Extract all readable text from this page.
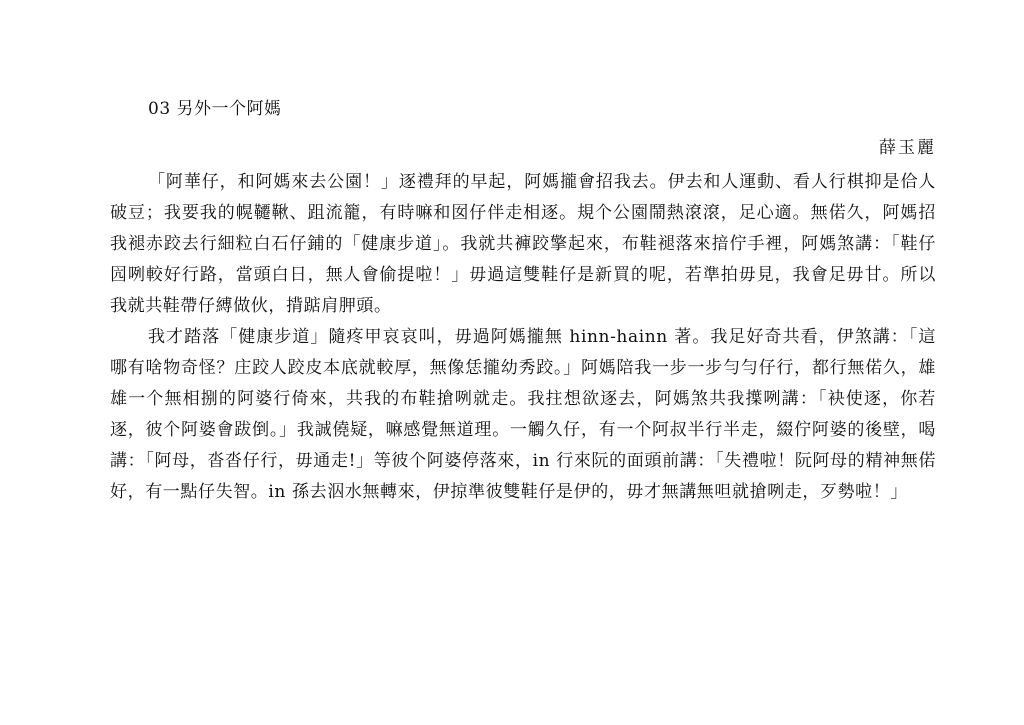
03 另外一个阿媽
薛玉麗

「阿華仔，和阿媽來去公園！」逐禮拜的早起，阿媽攏會招我去。伊去和人運動、看人行棋抑是佮人破豆；我要我的幌韆鞦、跙流籠，有時嘛和囡仔伴走相逐。規个公園鬧熱滾滾，足心適。無偌久，阿媽招我褪赤跤去行細粒白石仔鋪的「健康步道」。我就共褲跤擎起來，布鞋褪落來揞佇手裡，阿媽煞講：「鞋仔囥咧較好行路，當頭白日，無人會偷提啦！」毋過這雙鞋仔是新買的呢，若準拍毋見，我會足毋甘。所以我就共鞋帶仔縛做伙，揹踮肩胛頭。

我才踏落「健康步道」隨疼甲哀哀叫，毋過阿媽攏無 hinn-hainn 著。我足好奇共看，伊煞講：「這哪有啥物奇怪？庄跤人跤皮本底就較厚，無像恁攏幼秀跤。」阿媽陪我一步一步勻勻仔行，都行無偌久，雄雄一个無相捌的阿婆行倚來，共我的布鞋搶咧就走。我拄想欲逐去，阿媽煞共我擛咧講：「袂使逐，你若逐，彼个阿婆會跋倒。」我誠僥疑，嘛感覺無道理。一觸久仔，有一个阿叔半行半走，綴佇阿婆的後壁，喝講：「阿母，沓沓仔行，毋通走!」等彼个阿婆停落來，in 行來阮的面頭前講：「失禮啦！阮阿母的精神無偌好，有一點仔失智。in 孫去泅水無轉來，伊掠準彼雙鞋仔是伊的，毋才無講無呾就搶咧走，歹勢啦！」
